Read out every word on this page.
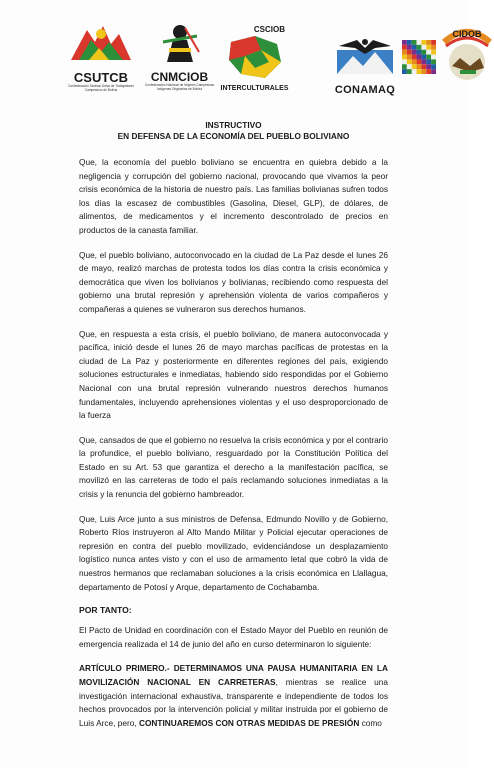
CSUTCB
Confederación Sindical Única de Trabajadores Campesinos de Bolivia
CNMCIOB
Confederación Nacional de Mujeres Campesinas Indígenas Originarias de Bolivia
CSCIOB
INTERCULTURALES	CONAMAQ
CIDOB
INSTRUCTIVO
EN DEFENSA DE LA ECONOMÍA DEL PUEBLO BOLIVIANO

Que, la economía del pueblo boliviano se encuentra en quiebra debido a la negligencia y corrupción del gobierno nacional, provocando que vivamos la peor crisis económica de la historia de nuestro país. Las familias bolivianas sufren todos los días la escasez de combustibles (Gasolina, Diesel, GLP), de dólares, de alimentos, de medicamentos y el incremento descontrolado de precios en productos de la canasta familiar.

Que, el pueblo boliviano, autoconvocado en la ciudad de La Paz desde el lunes 26 de mayo, realizó marchas de protesta todos los días contra la crisis económica y democrática que viven los bolivianos y bolivianas, recibiendo como respuesta del gobierno una brutal represión y aprehensión violenta de varios compañeros y compañeras a quienes se vulneraron sus derechos humanos.

Que, en respuesta a esta crisis, el pueblo boliviano, de manera autoconvocada y pacífica, inició desde el lunes 26 de mayo marchas pacíficas de protestas en la ciudad de La Paz y posteriormente en diferentes regiones del país, exigiendo soluciones estructurales e inmediatas, habiendo sido respondidas por el Gobierno Nacional con una brutal represión vulnerando nuestros derechos humanos fundamentales, incluyendo aprehensiones violentas y el uso desproporcionado de la fuerza

Que, cansados de que el gobierno no resuelva la crisis económica y por el contrario la profundice, el pueblo boliviano, resguardado por la Constitución Política del Estado en su Art. 53 que garantiza el derecho a la manifestación pacífica, se movilizó en las carreteras de todo el país reclamando soluciones inmediatas a la crisis y la renuncia del gobierno hambreador.

Que, Luis Arce junto a sus ministros de Defensa, Edmundo Novillo y de Gobierno, Roberto Ríos instruyeron al Alto Mando Militar y Policial ejecutar operaciones de represión en contra del pueblo movilizado, evidenciándose un desplazamiento logístico nunca antes visto y con el uso de armamento letal que cobró la vida de nuestros hermanos que reclamaban soluciones a la crisis económica en Llallagua, departamento de Potosí y Arque, departamento de Cochabamba.

POR TANTO:

El Pacto de Unidad en coordinación con el Estado Mayor del Pueblo en reunión de emergencia realizada el 14 de junio del año en curso determinaron lo siguiente:

ARTÍCULO PRIMERO.- DETERMINAMOS UNA PAUSA HUMANITARIA EN LA MOVILIZACIÓN NACIONAL EN CARRETERAS, mientras se realice una investigación internacional exhaustiva, transparente e independiente de todos los hechos provocados por la intervención policial y militar instruida por el gobierno de Luis Arce, pero, CONTINUAREMOS CON OTRAS MEDIDAS DE PRESIÓN como
